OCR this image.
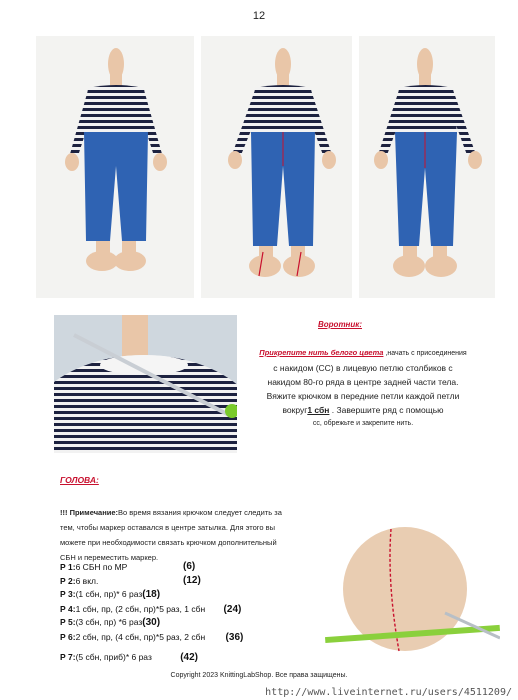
12
Воротник:
Прикрепите нить белого цвета ,начать с присоединения
с накидом (СС) в лицевую петлю столбиков с
накидом 80-го ряда в центре задней части тела.
Вяжите крючком в передние петли каждой петли
вокруг1 сбн . Завершите ряд с помощью
сс, обрежьте и закрепите нить.
ГОЛОВА:
!!! Примечание:Во время вязания крючком следует следить за
тем, чтобы маркер оставался в центре затылка. Для этого вы
можете при необходимости связать крючком дополнительный
СБН и переместить маркер.
Р 1:6 СБН по МР	(6)
Р 2:6 вкл.	(12)
Р 3:(1 сбн, пр)* 6 раз(18)
Р 4:1 сбн, пр, (2 сбн, пр)*5 раз, 1 сбн (24)
Р 5:(3 сбн, пр) *6 раз(30)
Р 6:2 сбн, пр, (4 сбн, пр)*5 раз, 2 сбн (36)
Р 7:(5 сбн, приб)* 6 раз	(42)
Copyright 2023 KnittingLabShop. Все права защищены.
http://www.liveinternet.ru/users/4511209/
